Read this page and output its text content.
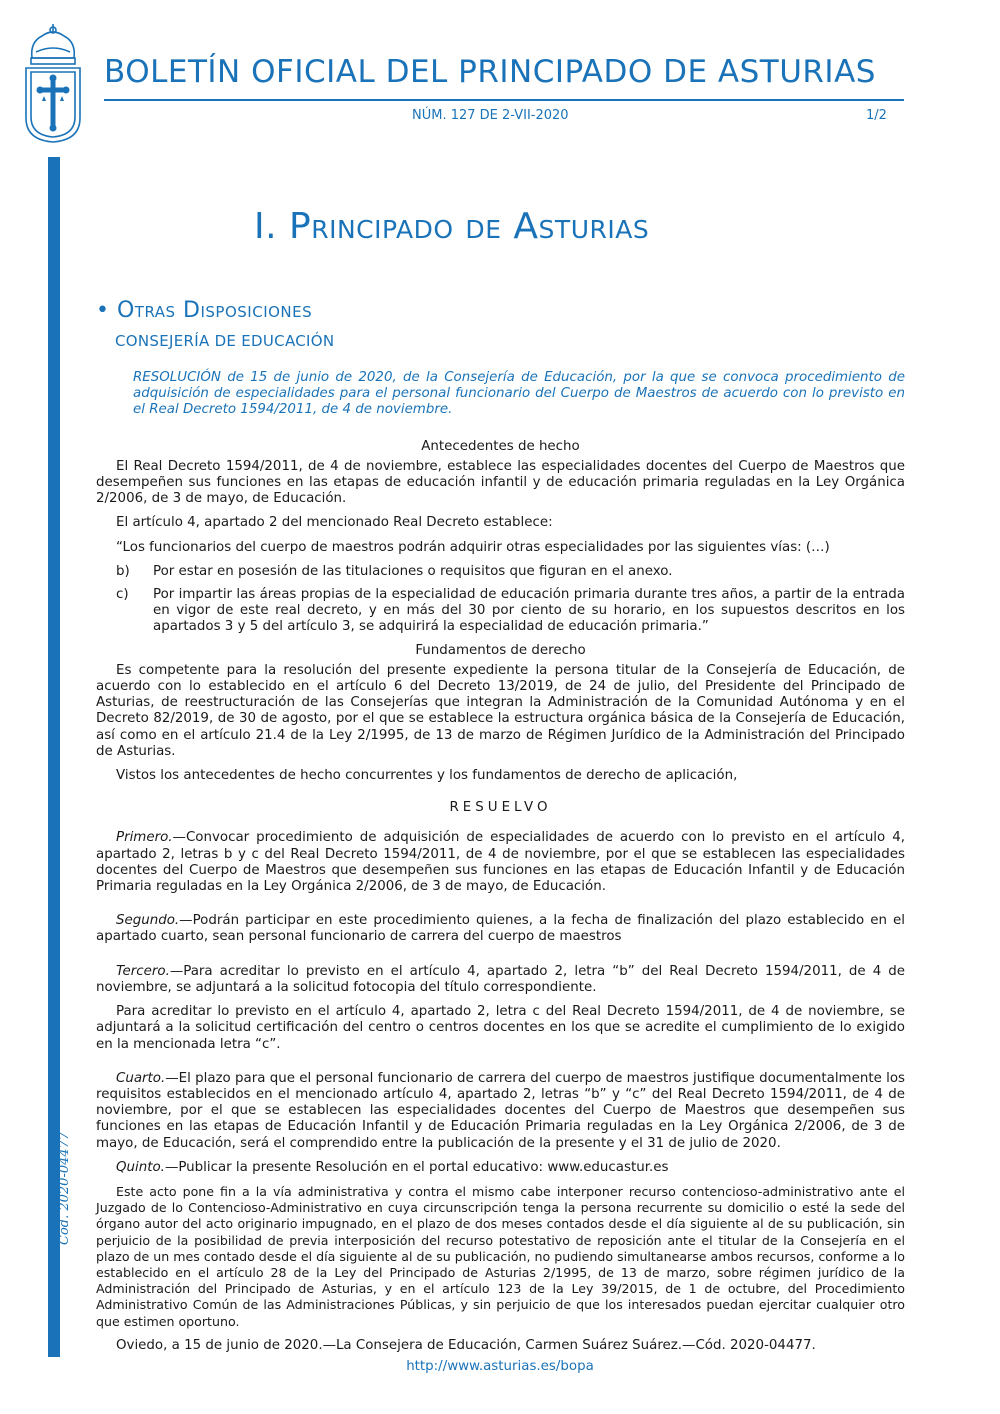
BOLETÍN OFICIAL DEL PRINCIPADO DE ASTURIAS
NÚM. 127 DE 2-VII-2020	1/2
Cód. 2020-04477
I. Principado de Asturias
• Otras Disposiciones
CONSEJERÍA DE EDUCACIÓN
RESOLUCIÓN de 15 de junio de 2020, de la Consejería de Educación, por la que se convoca procedimiento de adquisición de especialidades para el personal funcionario del Cuerpo de Maestros de acuerdo con lo previsto en el Real Decreto 1594/2011, de 4 de noviembre.
Antecedentes de hecho

El Real Decreto 1594/2011, de 4 de noviembre, establece las especialidades docentes del Cuerpo de Maestros que desempeñen sus funciones en las etapas de educación infantil y de educación primaria reguladas en la Ley Orgánica 2/2006, de 3 de mayo, de Educación.

El artículo 4, apartado 2 del mencionado Real Decreto establece:

“Los funcionarios del cuerpo de maestros podrán adquirir otras especialidades por las siguientes vías: (…)

b)	Por estar en posesión de las titulaciones o requisitos que figuran en el anexo.
c)	Por impartir las áreas propias de la especialidad de educación primaria durante tres años, a partir de la entrada en vigor de este real decreto, y en más del 30 por ciento de su horario, en los supuestos descritos en los apartados 3 y 5 del artículo 3, se adquirirá la especialidad de educación primaria.”
Fundamentos de derecho

Es competente para la resolución del presente expediente la persona titular de la Consejería de Educación, de acuerdo con lo establecido en el artículo 6 del Decreto 13/2019, de 24 de julio, del Presidente del Principado de Asturias, de reestructuración de las Consejerías que integran la Administración de la Comunidad Autónoma y en el Decreto 82/2019, de 30 de agosto, por el que se establece la estructura orgánica básica de la Consejería de Educación, así como en el artículo 21.4 de la Ley 2/1995, de 13 de marzo de Régimen Jurídico de la Administración del Principado de Asturias.

Vistos los antecedentes de hecho concurrentes y los fundamentos de derecho de aplicación,

RESUELVO

Primero.—Convocar procedimiento de adquisición de especialidades de acuerdo con lo previsto en el artículo 4, apartado 2, letras b y c del Real Decreto 1594/2011, de 4 de noviembre, por el que se establecen las especialidades docentes del Cuerpo de Maestros que desempeñen sus funciones en las etapas de Educación Infantil y de Educación Primaria reguladas en la Ley Orgánica 2/2006, de 3 de mayo, de Educación.

Segundo.—Podrán participar en este procedimiento quienes, a la fecha de finalización del plazo establecido en el apartado cuarto, sean personal funcionario de carrera del cuerpo de maestros

Tercero.—Para acreditar lo previsto en el artículo 4, apartado 2, letra “b” del Real Decreto 1594/2011, de 4 de noviembre, se adjuntará a la solicitud fotocopia del título correspondiente.

Para acreditar lo previsto en el artículo 4, apartado 2, letra c del Real Decreto 1594/2011, de 4 de noviembre, se adjuntará a la solicitud certificación del centro o centros docentes en los que se acredite el cumplimiento de lo exigido en la mencionada letra “c”.

Cuarto.—El plazo para que el personal funcionario de carrera del cuerpo de maestros justifique documentalmente los requisitos establecidos en el mencionado artículo 4, apartado 2, letras “b” y “c” del Real Decreto 1594/2011, de 4 de noviembre, por el que se establecen las especialidades docentes del Cuerpo de Maestros que desempeñen sus funciones en las etapas de Educación Infantil y de Educación Primaria reguladas en la Ley Orgánica 2/2006, de 3 de mayo, de Educación, será el comprendido entre la publicación de la presente y el 31 de julio de 2020.

Quinto.—Publicar la presente Resolución en el portal educativo: www.educastur.es

Este acto pone fin a la vía administrativa y contra el mismo cabe interponer recurso contencioso-administrativo ante el Juzgado de lo Contencioso-Administrativo en cuya circunscripción tenga la persona recurrente su domicilio o esté la sede del órgano autor del acto originario impugnado, en el plazo de dos meses contados desde el día siguiente al de su publicación, sin perjuicio de la posibilidad de previa interposición del recurso potestativo de reposición ante el titular de la Consejería en el plazo de un mes contado desde el día siguiente al de su publicación, no pudiendo simultanearse ambos recursos, conforme a lo establecido en el artículo 28 de la Ley del Principado de Asturias 2/1995, de 13 de marzo, sobre régimen jurídico de la Administración del Principado de Asturias, y en el artículo 123 de la Ley 39/2015, de 1 de octubre, del Procedimiento Administrativo Común de las Administraciones Públicas, y sin perjuicio de que los interesados puedan ejercitar cualquier otro que estimen oportuno.

Oviedo, a 15 de junio de 2020.—La Consejera de Educación, Carmen Suárez Suárez.—Cód. 2020-04477.

http://www.asturias.es/bopa
